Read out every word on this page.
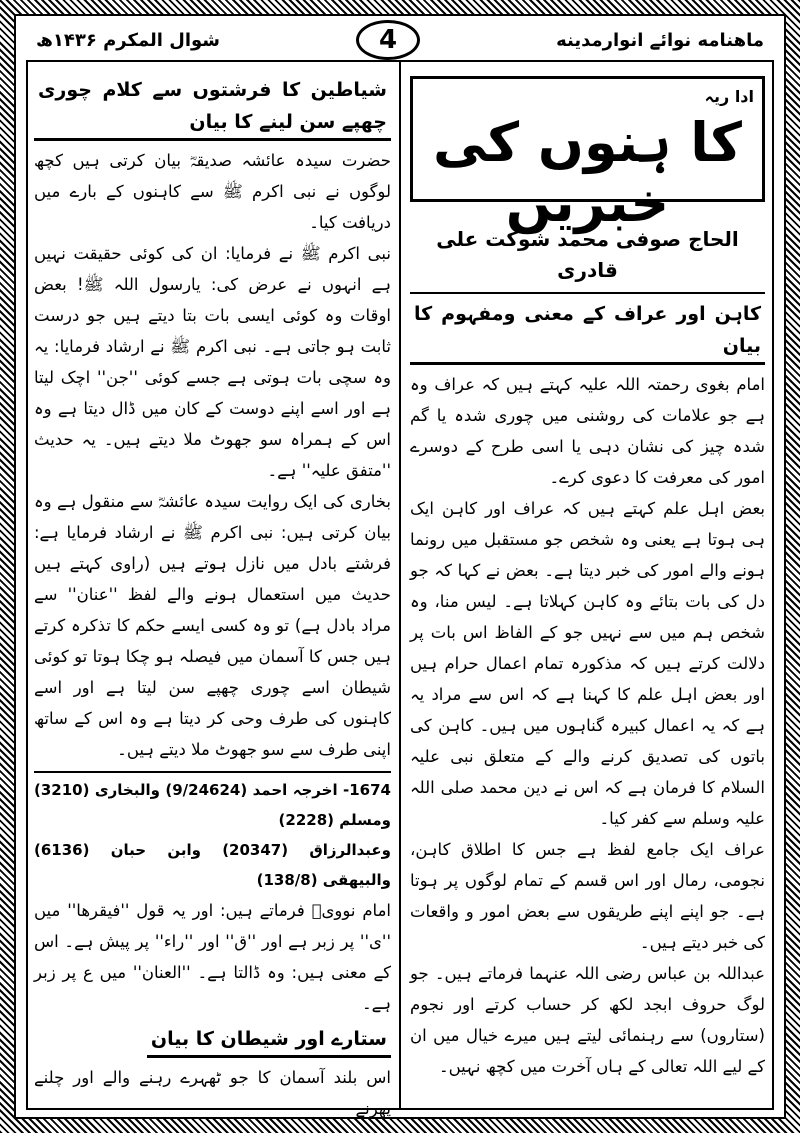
ماهنامه نوائے انوارمدینه
4
شوال المکرم ۱۴۳۶ھ
ادا ریہ
کا ہنوں کی خبریں
الحاج صوفی محمد شوکت علی قادری
کاہن اور عراف کے معنی ومفہوم کا بیان

امام بغوی رحمتہ اللہ علیہ کہتے ہیں کہ عراف وہ ہے جو علامات کی روشنی میں چوری شدہ یا گم شدہ چیز کی نشان دہی یا اسی طرح کے دوسرے امور کی معرفت کا دعوی کرے۔

بعض اہل علم کہتے ہیں کہ عراف اور کاہن ایک ہی ہوتا ہے یعنی وہ شخص جو مستقبل میں رونما ہونے والے امور کی خبر دیتا ہے۔ بعض نے کہا کہ جو دل کی بات بتائے وہ کاہن کہلاتا ہے۔ لیس منا، وہ شخص ہم میں سے نہیں جو کے الفاظ اس بات پر دلالت کرتے ہیں کہ مذکورہ تمام اعمال حرام ہیں اور بعض اہل علم کا کہنا ہے کہ اس سے مراد یہ ہے کہ یہ اعمال کبیرہ گناہوں میں ہیں۔ کاہن کی باتوں کی تصدیق کرنے والے کے متعلق نبی علیہ السلام کا فرمان ہے کہ اس نے دین محمد صلی اللہ علیہ وسلم سے کفر کیا۔

عراف ایک جامع لفظ ہے جس کا اطلاق کاہن، نجومی، رمال اور اس قسم کے تمام لوگوں پر ہوتا ہے۔ جو اپنے اپنے طریقوں سے بعض امور و واقعات کی خبر دیتے ہیں۔

عبداللہ بن عباس رضی اللہ عنہما فرماتے ہیں۔ جو لوگ حروف ابجد لکھ کر حساب کرتے اور نجوم (ستاروں) سے رہنمائی لیتے ہیں میرے خیال میں ان کے لیے اللہ تعالی کے ہاں آخرت میں کچھ نہیں۔

شیاطین کا فرشتوں سے کلام چوری چھپے سن لینے کا بیان

حضرت سیدہ عائشہ صدیقہؓ بیان کرتی ہیں کچھ لوگوں نے نبی اکرم ﷺ سے کاہنوں کے بارے میں دریافت کیا۔

نبی اکرم ﷺ نے فرمایا: ان کی کوئی حقیقت نہیں ہے انہوں نے عرض کی: یارسول اللہ ﷺ! بعض اوقات وہ کوئی ایسی بات بتا دیتے ہیں جو درست ثابت ہو جاتی ہے۔ نبی اکرم ﷺ نے ارشاد فرمایا: یہ وہ سچی بات ہوتی ہے جسے کوئی ''جن'' اچک لیتا ہے اور اسے اپنے دوست کے کان میں ڈال دیتا ہے وہ اس کے ہمراہ سو جھوٹ ملا دیتے ہیں۔ یہ حدیث ''متفق علیہ'' ہے۔

بخاری کی ایک روایت سیدہ عائشہؓ سے منقول ہے وہ بیان کرتی ہیں: نبی اکرم ﷺ نے ارشاد فرمایا ہے: فرشتے بادل میں نازل ہوتے ہیں (راوی کہتے ہیں حدیث میں استعمال ہونے والے لفظ ''عنان'' سے مراد بادل ہے) تو وہ کسی ایسے حکم کا تذکرہ کرتے ہیں جس کا آسمان میں فیصلہ ہو چکا ہوتا تو کوئی شیطان اسے چوری چھپے سن لیتا ہے اور اسے کاہنوں کی طرف وحی کر دیتا ہے وہ اس کے ساتھ اپنی طرف سے سو جھوٹ ملا دیتے ہیں۔

1674- اخرجہ احمد (9/24624) والبخاری (3210) ومسلم (2228)

وعبدالرزاق (20347) وابن حبان (6136) والبیھقی (138/8)

امام نوویؒ فرماتے ہیں: اور یہ قول ''فیقرھا'' میں ''ی'' پر زبر ہے اور ''ق'' اور ''راء'' پر پیش ہے۔ اس کے معنی ہیں: وہ ڈالتا ہے۔ ''العنان'' میں ع پر زبر ہے۔

ستارے اور شیطان کا بیان

اس بلند آسمان کا جو ٹھہرے رہنے والے اور چلنے پھرنے
